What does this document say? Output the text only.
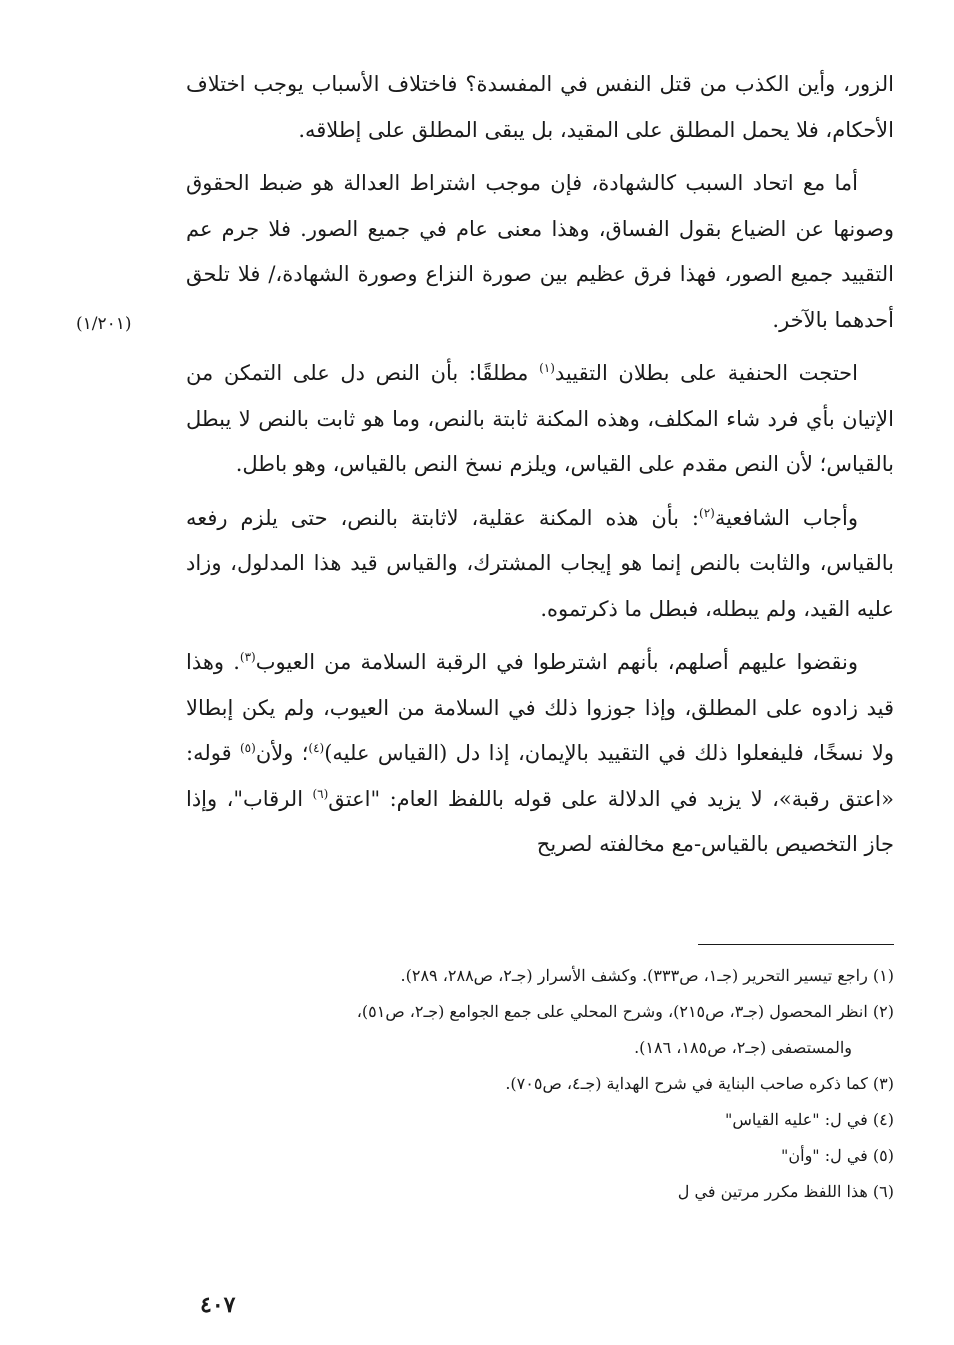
الزور، وأين الكذب من قتل النفس في المفسدة؟ فاختلاف الأسباب يوجب اختلاف الأحكام، فلا يحمل المطلق على المقيد، بل يبقى المطلق على إطلاقه.

أما مع اتحاد السبب كالشهادة، فإن موجب اشتراط العدالة هو ضبط الحقوق وصونها عن الضياع بقول الفساق، وهذا معنى عام في جميع الصور. فلا جرم عم التقييد جميع الصور، فهذا فرق عظيم بين صورة النزاع وصورة الشهادة،/ فلا تلحق أحدهما بالآخر.

احتجت الحنفية على بطلان التقييد$^{(١)}$ مطلقًا: بأن النص دل على التمكن من الإتيان بأي فرد شاء المكلف، وهذه المكنة ثابتة بالنص، وما هو ثابت بالنص لا يبطل بالقياس؛ لأن النص مقدم على القياس، ويلزم نسخ النص بالقياس، وهو باطل.

وأجاب الشافعية$^{(٢)}$: بأن هذه المكنة عقلية، لاثابتة بالنص، حتى يلزم رفعه بالقياس، والثابت بالنص إنما هو إيجاب المشترك، والقياس قيد هذا المدلول، وزاد عليه القيد، ولم يبطله، فبطل ما ذكرتموه.

ونقضوا عليهم أصلهم، بأنهم اشترطوا في الرقبة السلامة من العيوب$^{(٣)}$. وهذا قيد زادوه على المطلق، وإذا جوزوا ذلك في السلامة من العيوب، ولم يكن إبطالا ولا نسخًا، فليفعلوا ذلك في التقييد بالإيمان، إذا دل (القياس عليه)$^{(٤)}$؛ ولأن$^{(٥)}$ قوله: «اعتق رقبة»، لا يزيد في الدلالة على قوله باللفظ العام: "اعتق$^{(٦)}$ الرقاب"، وإذا جاز التخصيص بالقياس-مع مخالفته لصريح

(١/٢٠١)

(١) راجع تيسير التحرير (جـ١، ص٣٣٣). وكشف الأسرار (جـ٢، ص٢٨٨، ٢٨٩).

(٢) انظر المحصول (جـ٣، ص٢١٥)، وشرح المحلي على جمع الجوامع (جـ٢، ص٥١)،

والمستصفى (جـ٢، ص١٨٥، ١٨٦).

(٣) كما ذكره صاحب البناية في شرح الهداية (جـ٤، ص٧٠٥).

(٤) في ل: "عليه القياس"

(٥) في ل: "وأن"

(٦) هذا اللفظ مكرر مرتين في ل

٤٠٧
